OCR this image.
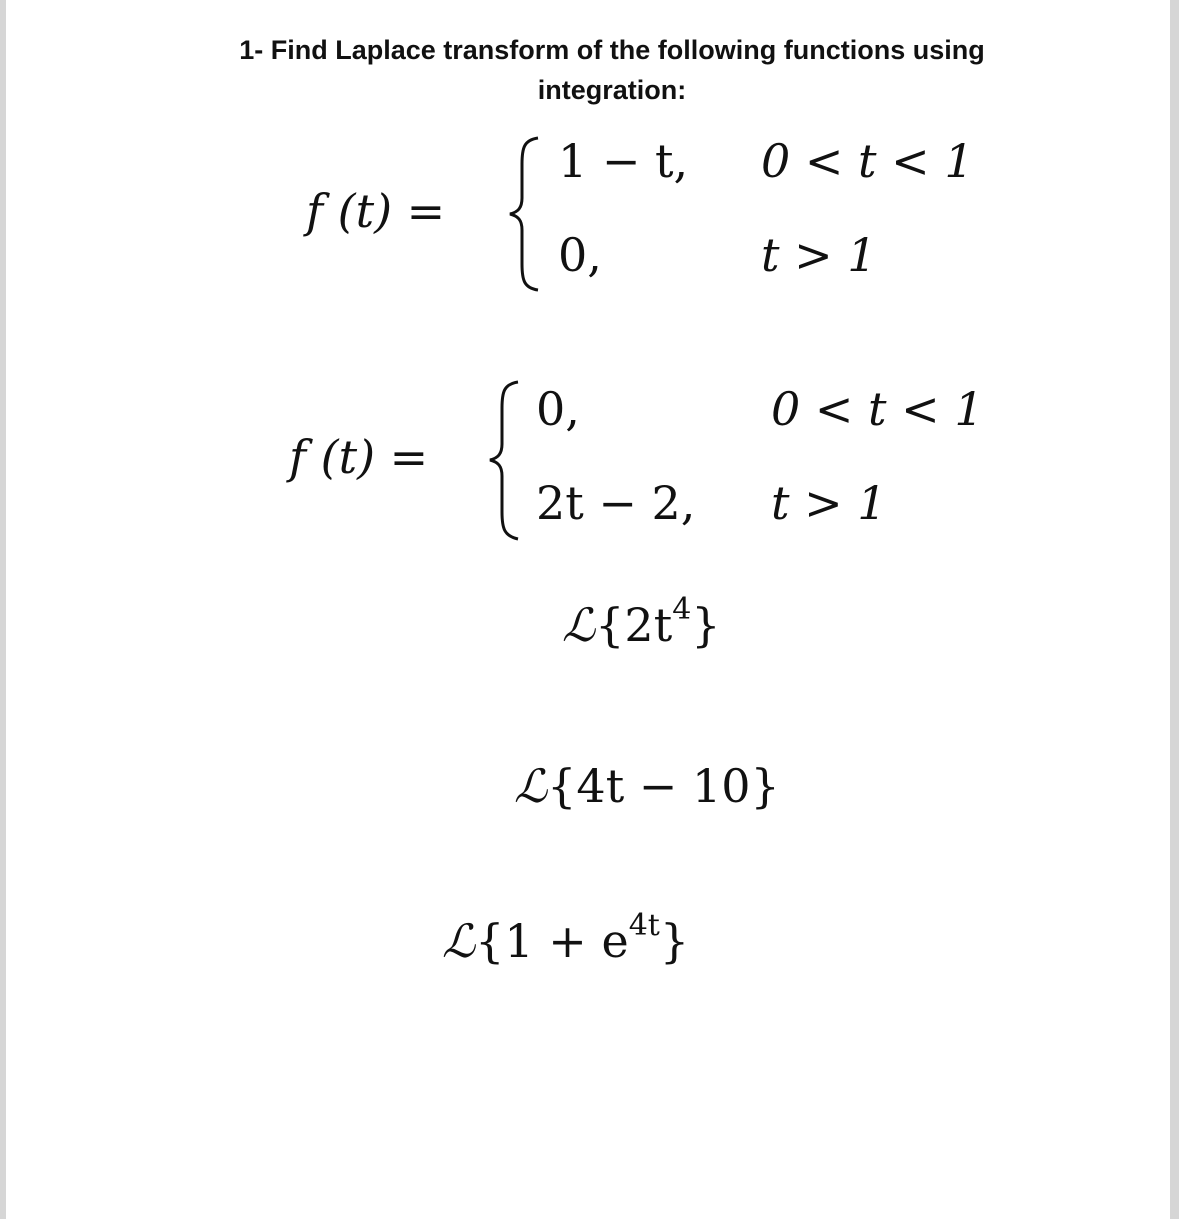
1- Find Laplace transform of the following functions using
integration:
f (t) =
1 − t, 0 < t < 1
0,	t > 1
f (t) =
0,	0 < t < 1
2t − 2, t > 1
$ℒ\{2t^4\}$
ℒ{4t − 10}
ℒ{1 + $e^{4t}$}
